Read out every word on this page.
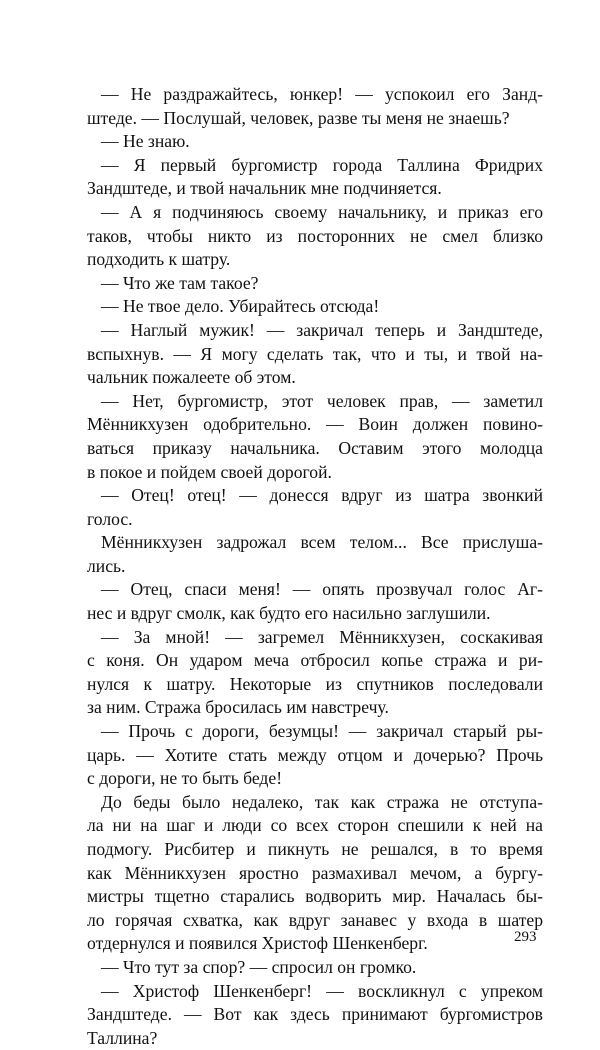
— Не раздражайтесь, юнкер! — успокоил его Занд-
штеде. — Послушай, человек, разве ты меня не знаешь?
— Не знаю.
— Я первый бургомистр города Таллина Фридрих
Зандштеде, и твой начальник мне подчиняется.
— А я подчиняюсь своему начальнику, и приказ его
таков, чтобы никто из посторонних не смел близко
подходить к шатру.
— Что же там такое?
— Не твое дело. Убирайтесь отсюда!
— Наглый мужик! — закричал теперь и Зандштеде,
вспыхнув. — Я могу сделать так, что и ты, и твой на-
чальник пожалеете об этом.
— Нет, бургомистр, этот человек прав, — заметил
Мённикхузен одобрительно. — Воин должен повино-
ваться приказу начальника. Оставим этого молодца
в покое и пойдем своей дорогой.
— Отец! отец! — донесся вдруг из шатра звонкий
голос.
Мённикхузен задрожал всем телом... Все прислуша-
лись.
— Отец, спаси меня! — опять прозвучал голос Аг-
нес и вдруг смолк, как будто его насильно заглушили.
— За мной! — загремел Мённикхузен, соскакивая
с коня. Он ударом меча отбросил копье стража и ри-
нулся к шатру. Некоторые из спутников последовали
за ним. Стража бросилась им навстречу.
— Прочь с дороги, безумцы! — закричал старый ры-
царь. — Хотите стать между отцом и дочерью? Прочь
с дороги, не то быть беде!
До беды было недалеко, так как стража не отступа-
ла ни на шаг и люди со всех сторон спешили к ней на
подмогу. Рисбитер и пикнуть не решался, в то время
как Мённикхузен яростно размахивал мечом, а бургу-
мистры тщетно старались водворить мир. Началась бы-
ло горячая схватка, как вдруг занавес у входа в шатер
отдернулся и появился Христоф Шенкенберг.
— Что тут за спор? — спросил он громко.
— Христоф Шенкенберг! — воскликнул с упреком
Зандштеде. — Вот как здесь принимают бургомистров
Таллина?
293
